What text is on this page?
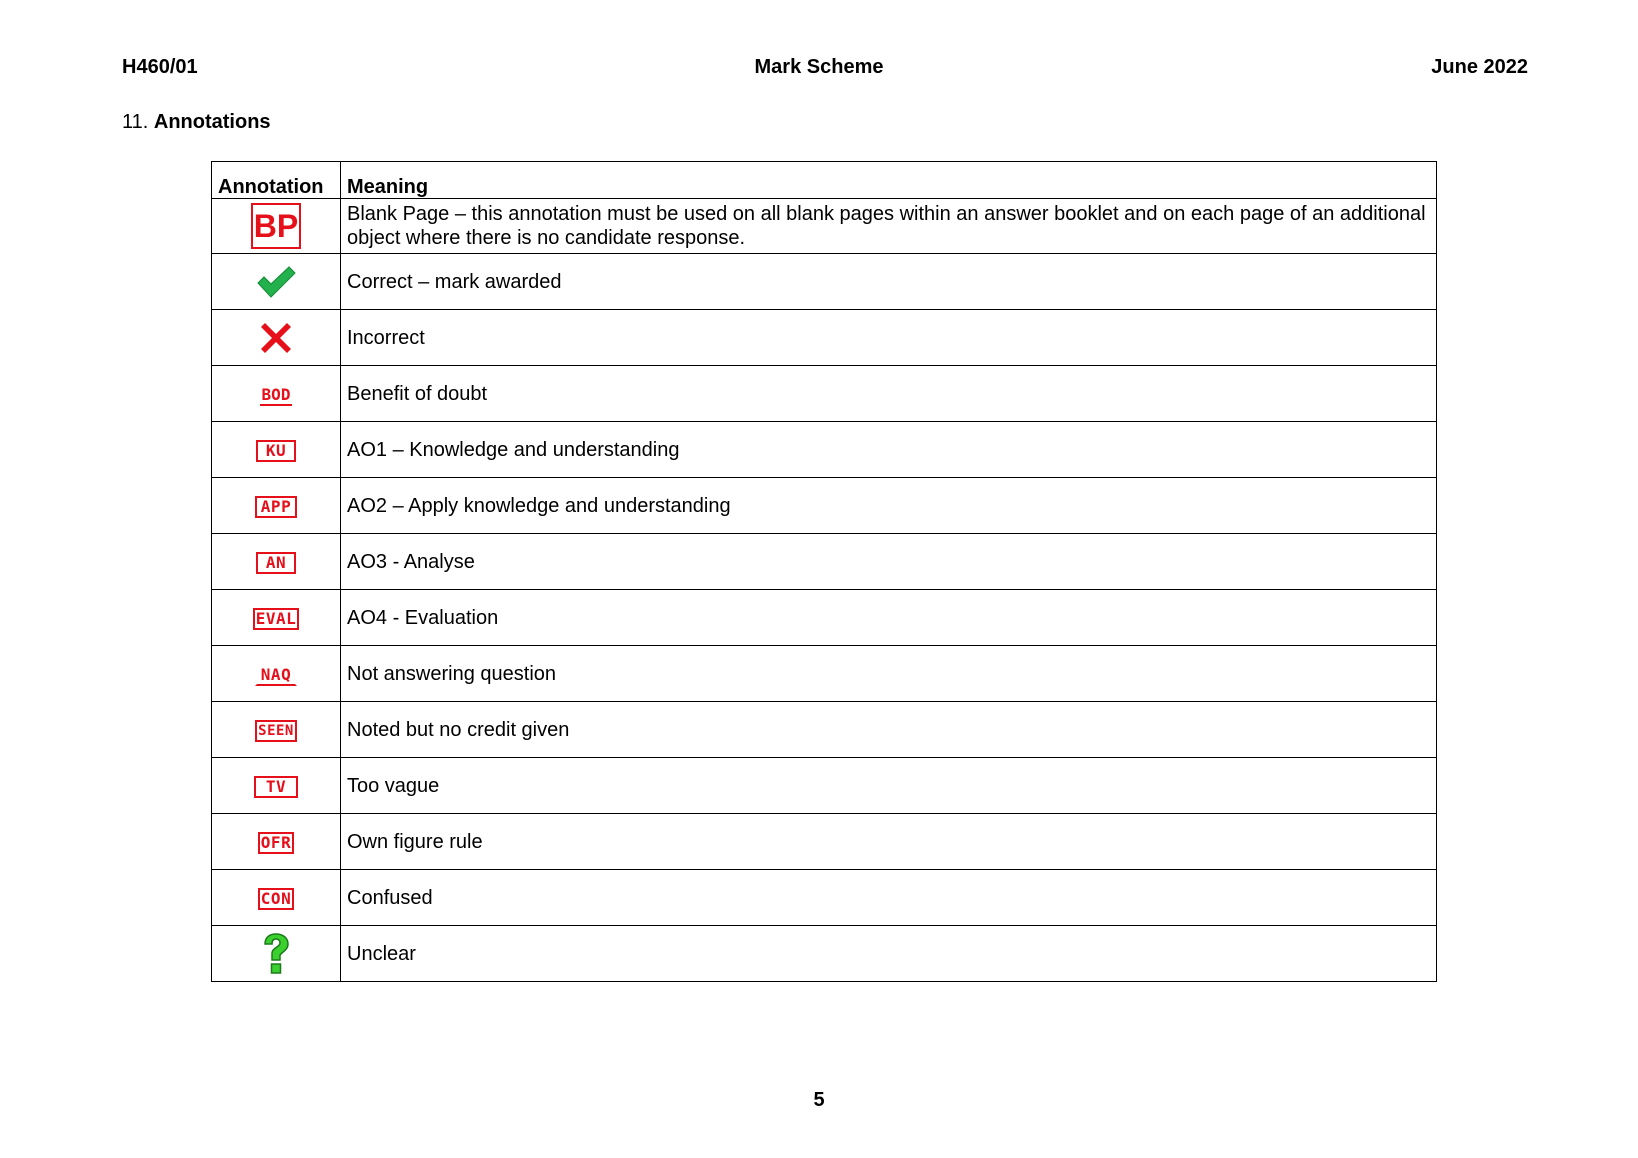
H460/01	Mark Scheme	June 2022
11. Annotations
Annotation	Meaning
BP	Blank Page – this annotation must be used on all blank pages within an answer booklet and on each page of an additional object where there is no candidate response.
	Correct – mark awarded
	Incorrect
BOD	Benefit of doubt
KU	AO1 – Knowledge and understanding
APP	AO2 – Apply knowledge and understanding
AN	AO3 - Analyse
EVAL	AO4 - Evaluation
NAQ	Not answering question
SEEN	Noted but no credit given
TV	Too vague
OFR	Own figure rule
CON	Confused
	Unclear
5
